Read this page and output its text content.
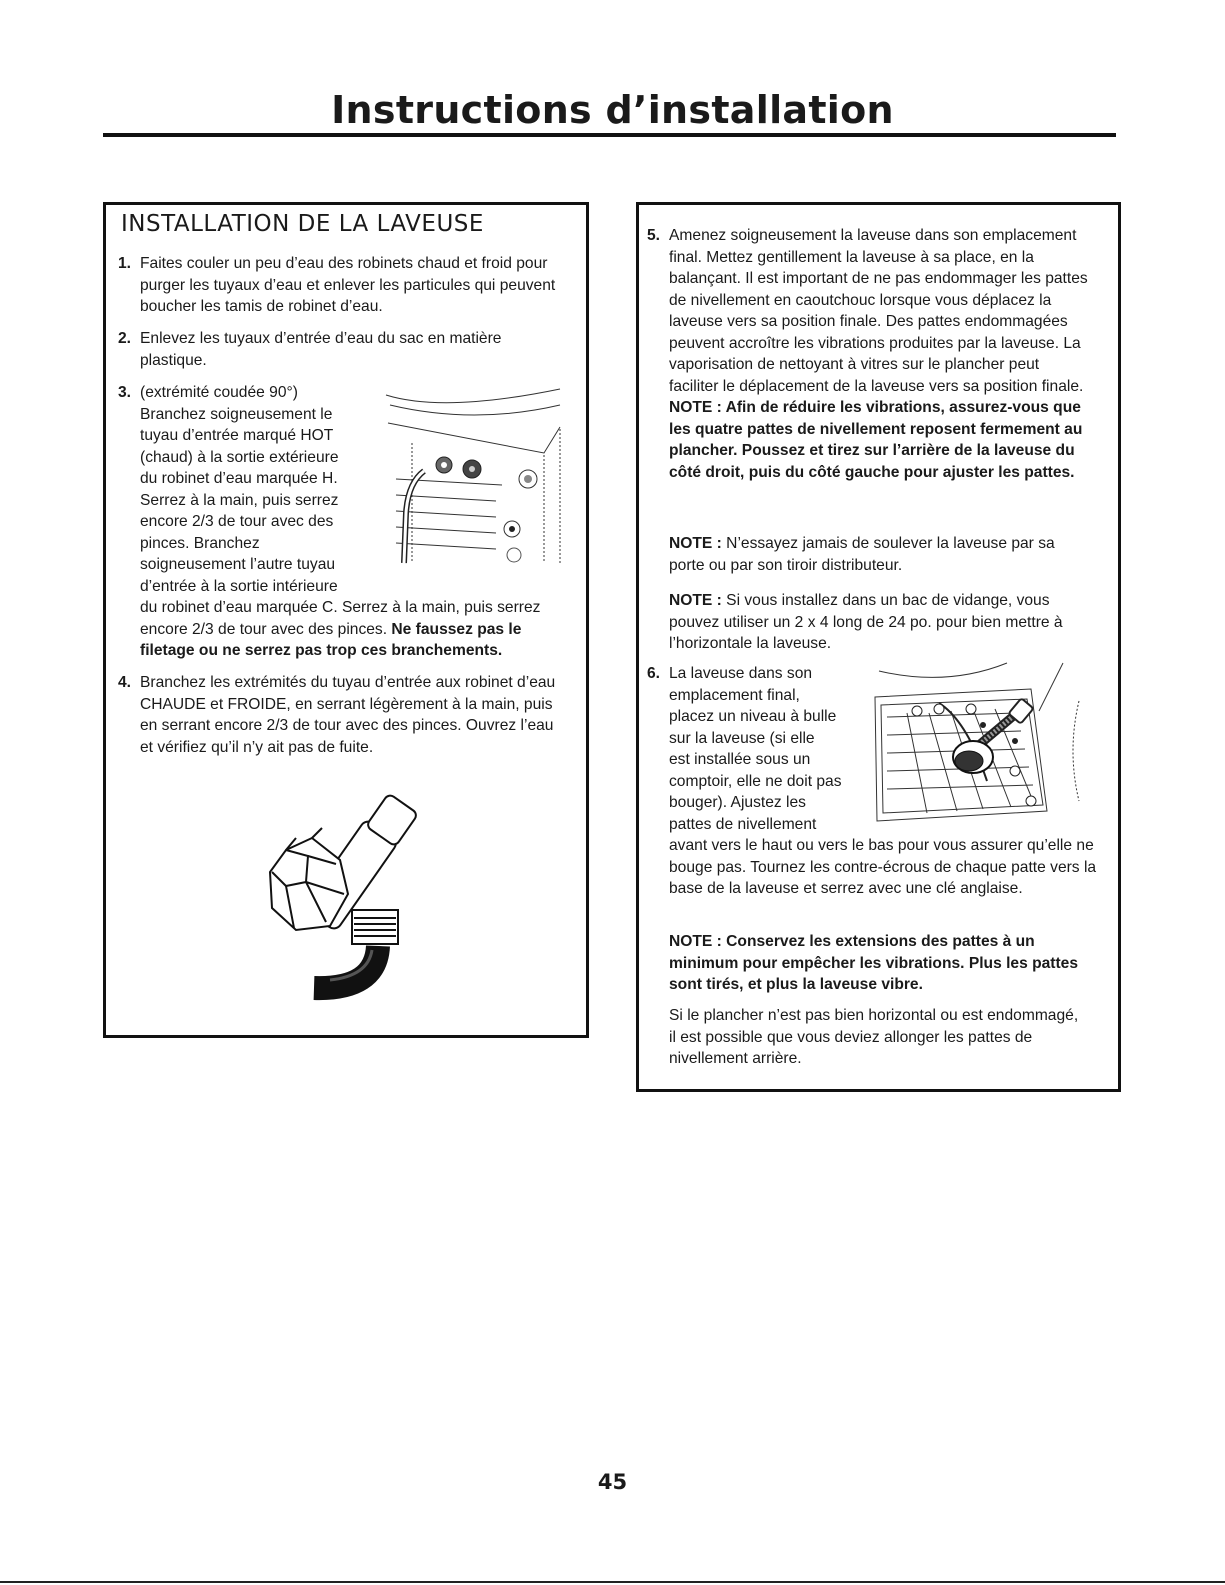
Instructions d’installation
INSTALLATION DE LA LAVEUSE
1. Faites couler un peu d’eau des robinets chaud et froid pour purger les tuyaux d’eau et enlever les particules qui peuvent boucher les tamis de robinet d’eau.

2. Enlevez les tuyaux d’entrée d’eau du sac en matière plastique.

3. (extrémité coudée 90°)
Branchez soigneusement le
tuyau d’entrée marqué HOT
(chaud) à la sortie extérieure
du robinet d’eau marquée H.
Serrez à la main, puis serrez
encore 2/3 de tour avec des
pinces. Branchez
soigneusement l’autre tuyau
d’entrée à la sortie intérieure

du robinet d’eau marquée C. Serrez à la main, puis serrez encore 2/3 de tour avec des pinces. Ne faussez pas le filetage ou ne serrez pas trop ces branchements.

4. Branchez les extrémités du tuyau d’entrée aux robinet d’eau CHAUDE et FROIDE, en serrant légèrement à la main, puis en serrant encore 2/3 de tour avec des pinces. Ouvrez l’eau et vérifiez qu’il n’y ait pas de fuite.

5. Amenez soigneusement la laveuse dans son emplacement final. Mettez gentillement la laveuse à sa place, en la balançant. Il est important de ne pas endommager les pattes de nivellement en caoutchouc lorsque vous déplacez la laveuse vers sa position finale. Des pattes endommagées peuvent accroître les vibrations produites par la laveuse. La vaporisation de nettoyant à vitres sur le plancher peut faciliter le déplacement de la laveuse vers sa position finale.

NOTE : Afin de réduire les vibrations, assurez-vous que les quatre pattes de nivellement reposent fermement au plancher. Poussez et tirez sur l’arrière de la laveuse du côté droit, puis du côté gauche pour ajuster les pattes.

NOTE : N’essayez jamais de soulever la laveuse par sa porte ou par son tiroir distributeur.
NOTE : Si vous installez dans un bac de vidange, vous pouvez utiliser un 2 x 4 long de 24 po. pour bien mettre à l’horizontale la laveuse.
6. La laveuse dans son
emplacement final,
placez un niveau à bulle
sur la laveuse (si elle
est installée sous un
comptoir, elle ne doit pas
bouger). Ajustez les
pattes de nivellement

avant vers le haut ou vers le bas pour vous assurer qu’elle ne bouge pas. Tournez les contre-écrous de chaque patte vers la base de la laveuse et serrez avec une clé anglaise.

NOTE : Conservez les extensions des pattes à un minimum pour empêcher les vibrations. Plus les pattes sont tirés, et plus la laveuse vibre.
Si le plancher n’est pas bien horizontal ou est endommagé, il est possible que vous deviez allonger les pattes de nivellement arrière.
45
